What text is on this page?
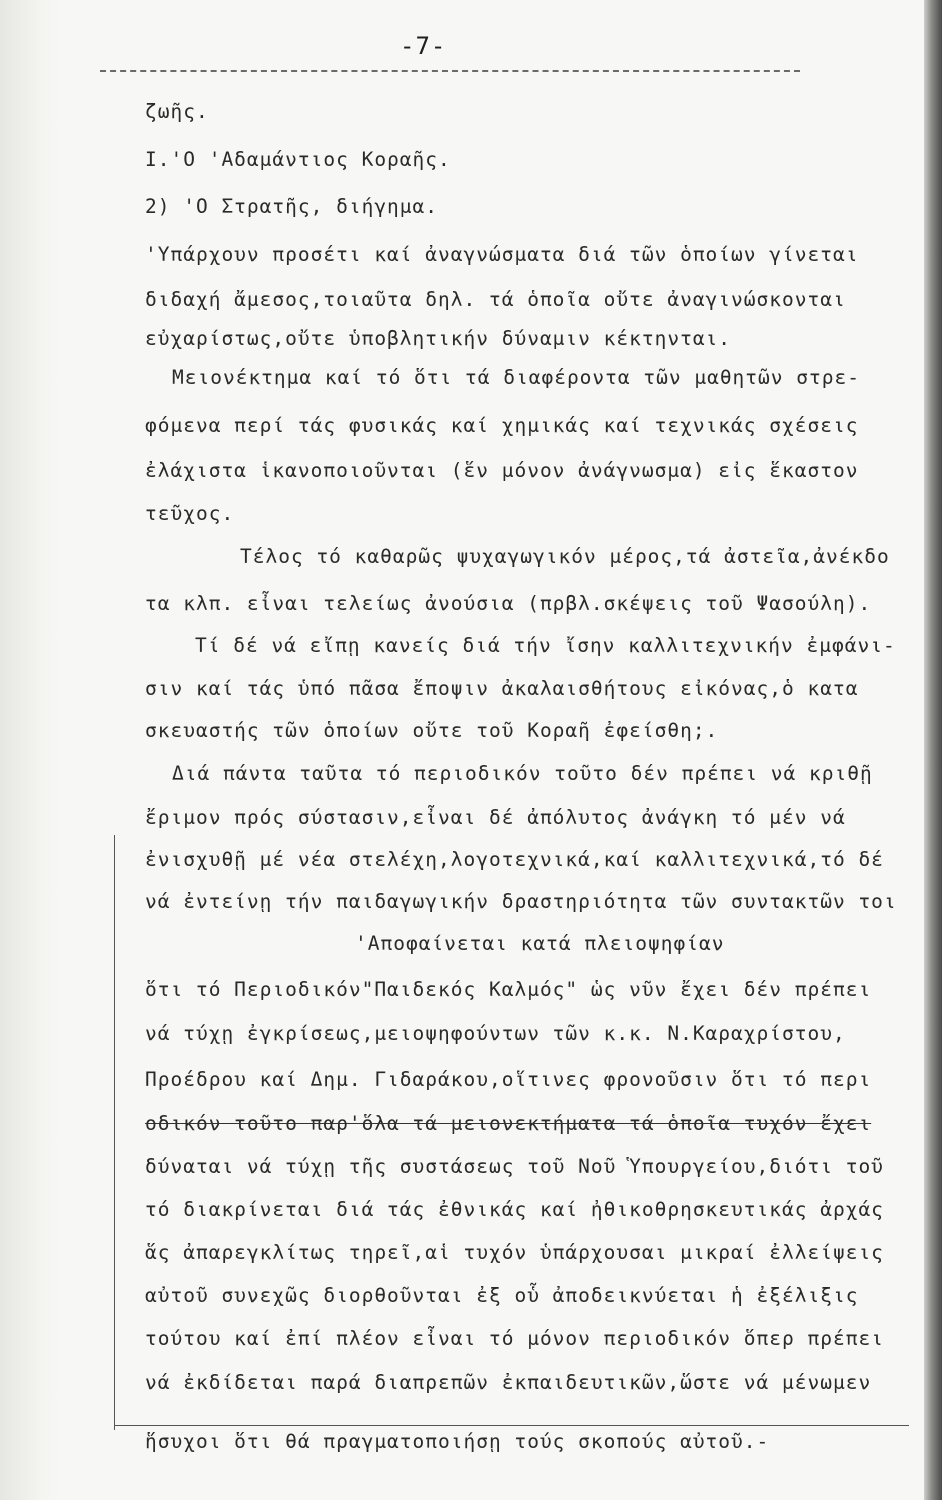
-7-
ζωῆς.
I.'Ο 'Αδαμάντιος Κοραῆς.
2) 'Ο Στρατῆς, διήγημα.
'Υπάρχουν προσέτι καί ἀναγνώσματα διά τῶν ὁποίων γίνεται
διδαχή ἄμεσος,τοιαῦτα δηλ. τά ὁποῖα οὔτε ἀναγινώσκονται
εὐχαρίστως,οὔτε ὑποβλητικήν δύναμιν κέκτηνται.
Μειονέκτημα καί τό ὅτι τά διαφέροντα τῶν μαθητῶν στρε-
φόμενα περί τάς φυσικάς καί χημικάς καί τεχνικάς σχέσεις
ἐλάχιστα ἱκανοποιοῦνται (ἕν μόνον ἀνάγνωσμα) εἰς ἕκαστον
τεῦχος.
Τέλος τό καθαρῶς ψυχαγωγικόν μέρος,τά ἀστεῖα,ἀνέκδο
τα κλπ. εἶναι τελείως ἀνούσια (πρβλ.σκέψεις τοῦ Ψασούλη).
Τί δέ νά εἴπῃ κανείς διά τήν ἴσην καλλιτεχνικήν ἐμφάνι-
σιν καί τάς ὑπό πᾶσα ἔποψιν ἀκαλαισθήτους εἰκόνας,ὁ κατα
σκευαστής τῶν ὁποίων οὔτε τοῦ Κοραῆ ἐφείσθη;.
Διά πάντα ταῦτα τό περιοδικόν τοῦτο δέν πρέπει νά κριθῇ
ἔριμον πρός σύστασιν,εἶναι δέ ἀπόλυτος ἀνάγκη τό μέν νά
ἐνισχυθῇ μέ νέα στελέχη,λογοτεχνικά,καί καλλιτεχνικά,τό δέ
νά ἐντείνῃ τήν παιδαγωγικήν δραστηριότητα τῶν συντακτῶν τοι
'Αποφαίνεται κατά πλειοψηφίαν
ὅτι τό Περιοδικόν"Παιδεκός Καλμός" ὡς νῦν ἔχει δέν πρέπει
νά τύχῃ ἐγκρίσεως,μειοψηφούντων τῶν κ.κ. Ν.Καραχρίστου,
Προέδρου καί Δημ. Γιδαράκου,οἵτινες φρονοῦσιν ὅτι τό περι
οδικόν τοῦτο παρ'ὅλα τά μειονεκτήματα τά ὁποῖα τυχόν ἔχει
δύναται νά τύχῃ τῆς συστάσεως τοῦ Νοῦ Ὑπουργείου,διότι τοῦ
τό διακρίνεται διά τάς ἐθνικάς καί ἠθικοθρησκευτικάς ἀρχάς
ἅς ἀπαρεγκλίτως τηρεῖ,αἱ τυχόν ὑπάρχουσαι μικραί ἐλλείψεις
αὐτοῦ συνεχῶς διορθοῦνται ἐξ οὗ ἀποδεικνύεται ἡ ἐξέλιξις
τούτου καί ἐπί πλέον εἶναι τό μόνον περιοδικόν ὅπερ πρέπει
νά ἐκδίδεται παρά διαπρεπῶν ἐκπαιδευτικῶν,ὥστε νά μένωμεν
ἥσυχοι ὅτι θά πραγματοποιήσῃ τούς σκοπούς αὐτοῦ.-
